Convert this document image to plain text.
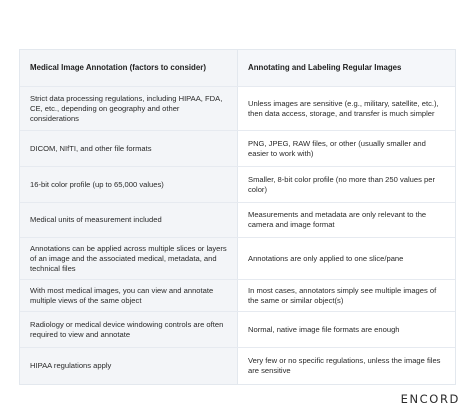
Medical Image Annotation (factors to consider)	Annotating and Labeling Regular Images
Strict data processing regulations, including HIPAA, FDA, CE, etc., depending on geography and other considerations
Unless images are sensitive (e.g., military, satellite, etc.), then data access, storage, and transfer is much simpler
DICOM, NIfTI, and other file formats
PNG, JPEG, RAW files, or other (usually smaller and easier to work with)
16-bit color profile (up to 65,000 values)
Smaller, 8-bit color profile (no more than 250 values per color)
Medical units of measurement included
Measurements and metadata are only relevant to the camera and image format
Annotations can be applied across multiple slices or layers of an image and the associated medical, metadata, and technical files
Annotations are only applied to one slice/pane
With most medical images, you can view and annotate multiple views of the same object
In most cases, annotators simply see multiple images of the same or similar object(s)
Radiology or medical device windowing controls are often required to view and annotate
Normal, native image file formats are enough
HIPAA regulations apply
Very few or no specific regulations, unless the image files are sensitive
ENCORD
